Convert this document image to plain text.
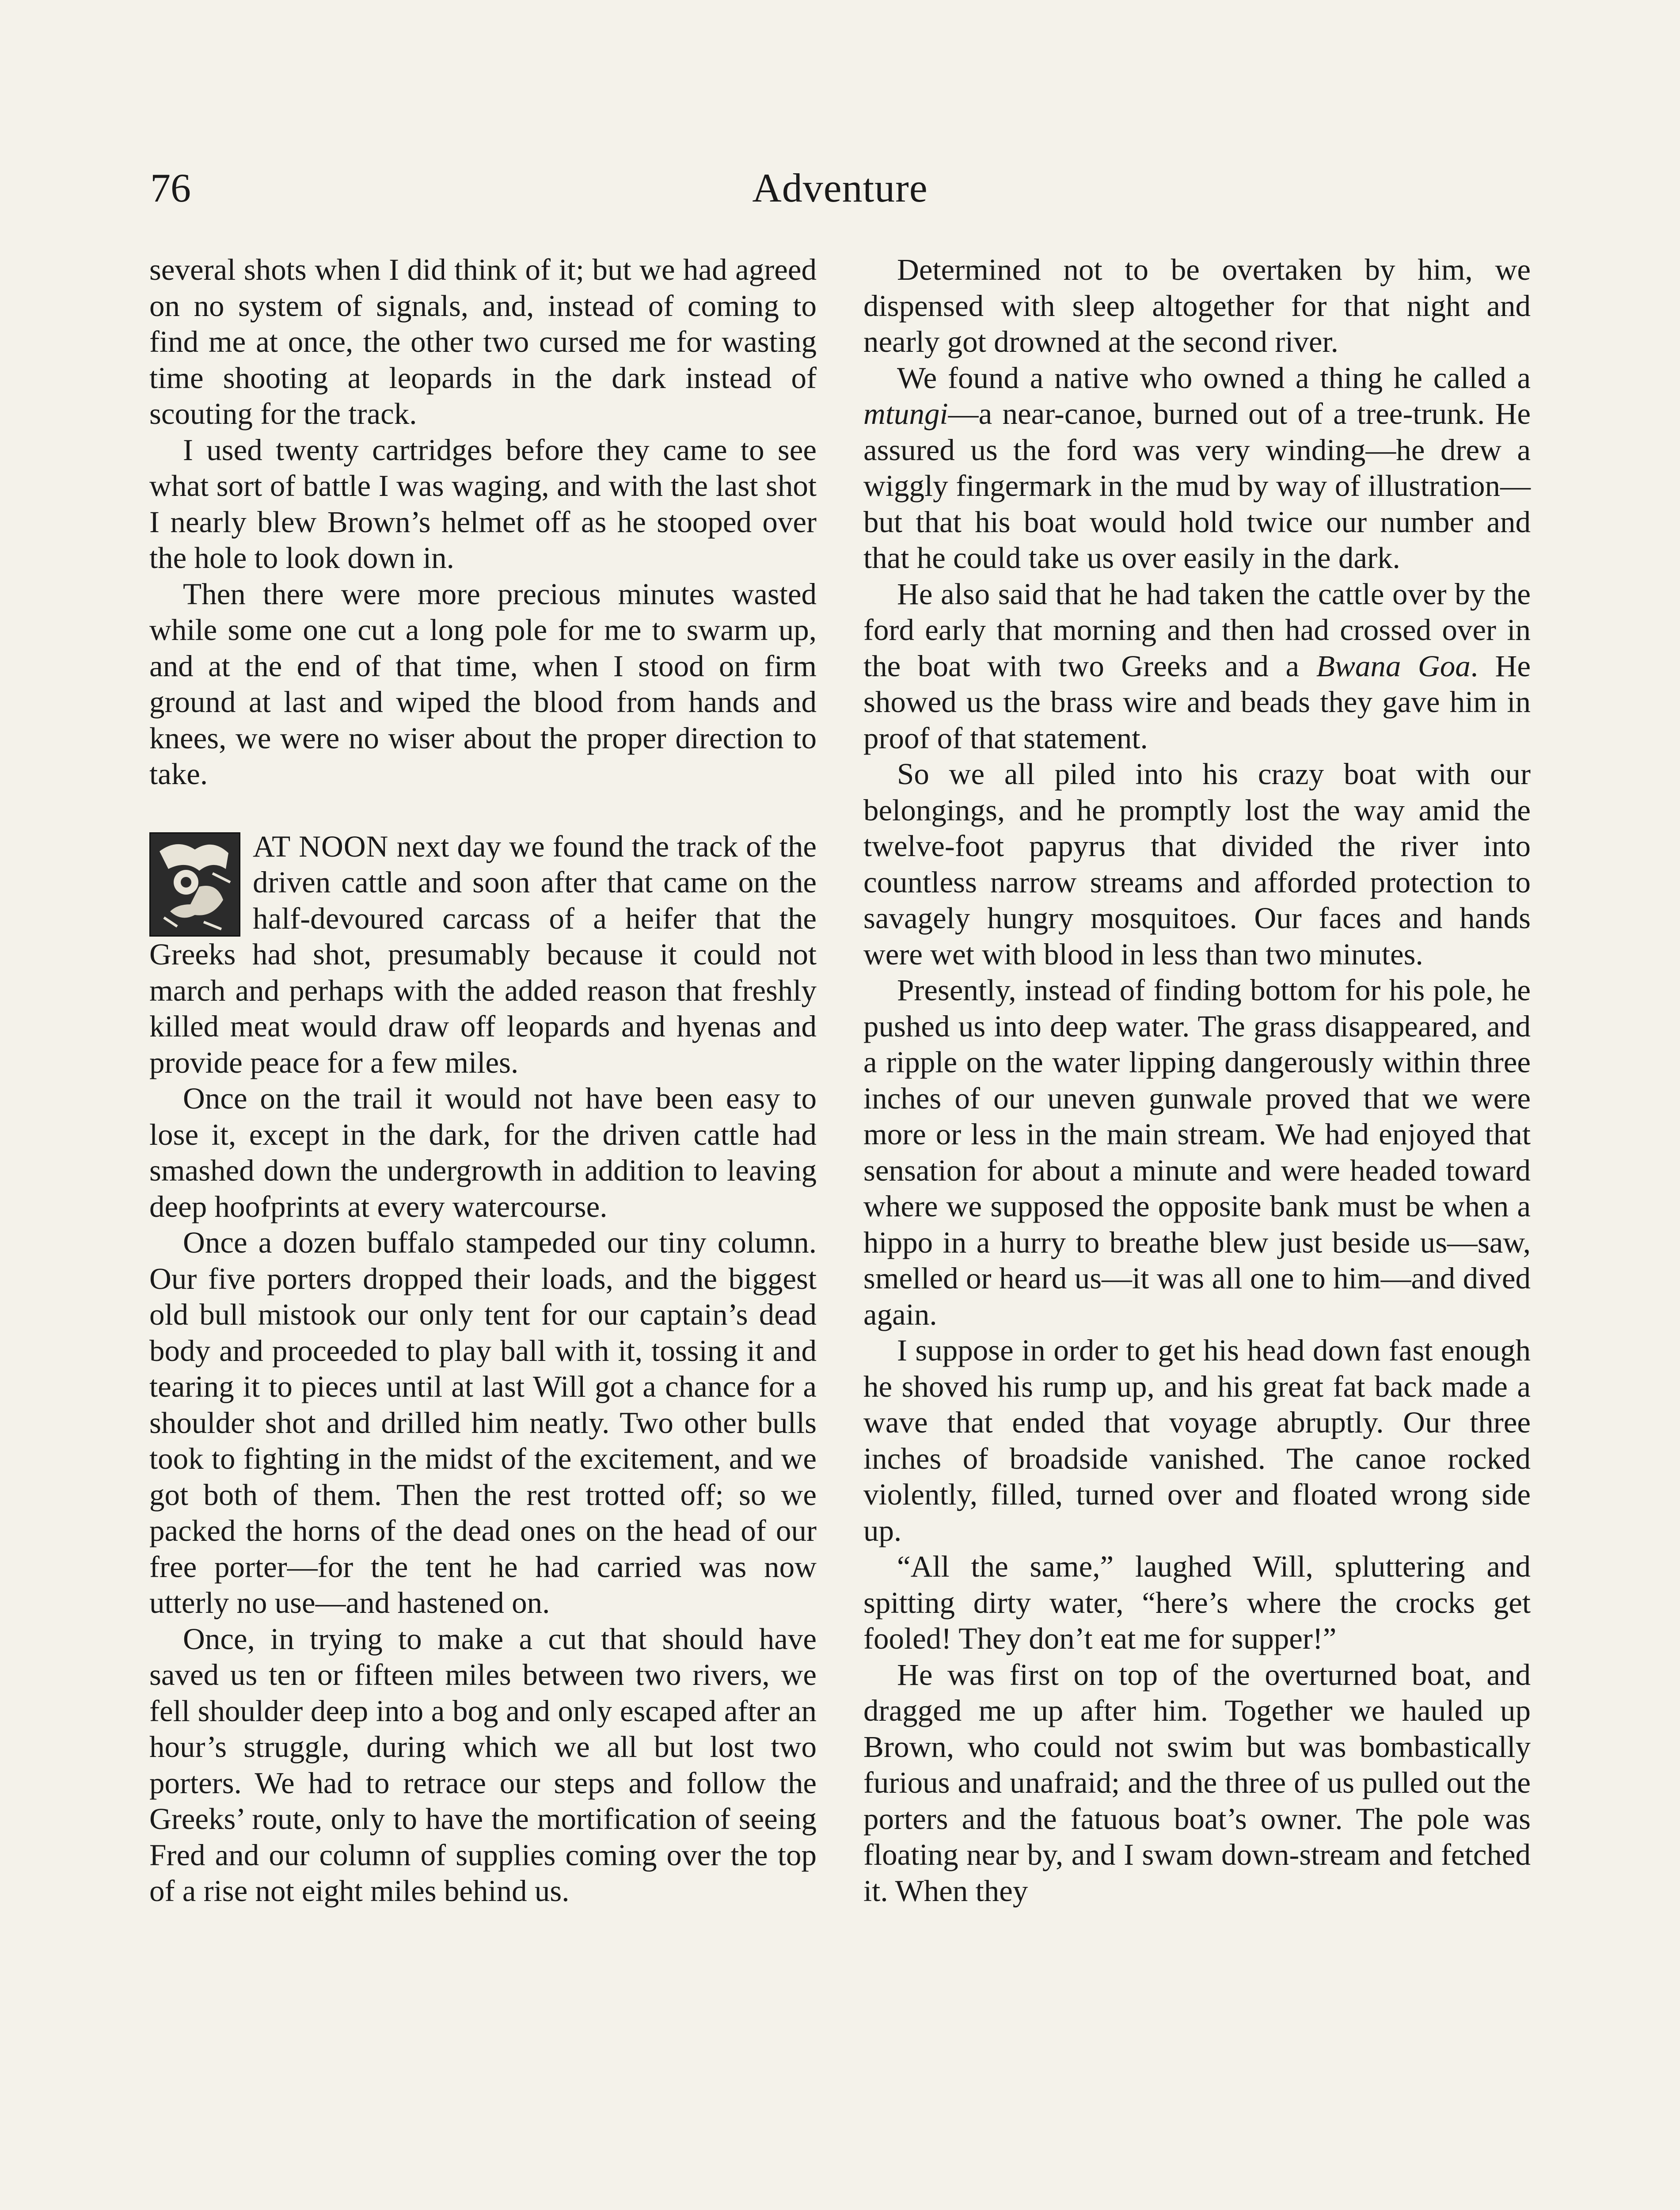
76	Adventure

several shots when I did think of it; but we had agreed on no system of signals, and, instead of coming to find me at once, the other two cursed me for wasting time shooting at leopards in the dark instead of scouting for the track.

I used twenty cartridges before they came to see what sort of battle I was waging, and with the last shot I nearly blew Brown’s helmet off as he stooped over the hole to look down in.

Then there were more precious minutes wasted while some one cut a long pole for me to swarm up, and at the end of that time, when I stood on firm ground at last and wiped the blood from hands and knees, we were no wiser about the proper direction to take.

AT NOON next day we found the track of the driven cattle and soon after that came on the half-devoured carcass of a heifer that the Greeks had shot, presumably because it could not march and perhaps with the added reason that freshly killed meat would draw off leopards and hyenas and provide peace for a few miles.

Once on the trail it would not have been easy to lose it, except in the dark, for the driven cattle had smashed down the undergrowth in addition to leaving deep hoofprints at every watercourse.

Once a dozen buffalo stampeded our tiny column. Our five porters dropped their loads, and the biggest old bull mistook our only tent for our captain’s dead body and proceeded to play ball with it, tossing it and tearing it to pieces until at last Will got a chance for a shoulder shot and drilled him neatly. Two other bulls took to fighting in the midst of the excitement, and we got both of them. Then the rest trotted off; so we packed the horns of the dead ones on the head of our free porter—for the tent he had carried was now utterly no use—and hastened on.

Once, in trying to make a cut that should have saved us ten or fifteen miles between two rivers, we fell shoulder deep into a bog and only escaped after an hour’s struggle, during which we all but lost two porters. We had to retrace our steps and follow the Greeks’ route, only to have the mortification of seeing Fred and our column of supplies coming over the top of a rise not eight miles behind us.

Determined not to be overtaken by him, we dispensed with sleep altogether for that night and nearly got drowned at the second river.

We found a native who owned a thing he called a mtungi—a near-canoe, burned out of a tree-trunk. He assured us the ford was very winding—he drew a wiggly fingermark in the mud by way of illustration—but that his boat would hold twice our number and that he could take us over easily in the dark.

He also said that he had taken the cattle over by the ford early that morning and then had crossed over in the boat with two Greeks and a Bwana Goa. He showed us the brass wire and beads they gave him in proof of that statement.

So we all piled into his crazy boat with our belongings, and he promptly lost the way amid the twelve-foot papyrus that divided the river into countless narrow streams and afforded protection to savagely hungry mosquitoes. Our faces and hands were wet with blood in less than two minutes.

Presently, instead of finding bottom for his pole, he pushed us into deep water. The grass disappeared, and a ripple on the water lipping dangerously within three inches of our uneven gunwale proved that we were more or less in the main stream. We had enjoyed that sensation for about a minute and were headed toward where we supposed the opposite bank must be when a hippo in a hurry to breathe blew just beside us—saw, smelled or heard us—it was all one to him—and dived again.

I suppose in order to get his head down fast enough he shoved his rump up, and his great fat back made a wave that ended that voyage abruptly. Our three inches of broadside vanished. The canoe rocked violently, filled, turned over and floated wrong side up.

“All the same,” laughed Will, spluttering and spitting dirty water, “here’s where the crocks get fooled! They don’t eat me for supper!”

He was first on top of the overturned boat, and dragged me up after him. Together we hauled up Brown, who could not swim but was bombastically furious and unafraid; and the three of us pulled out the porters and the fatuous boat’s owner. The pole was floating near by, and I swam down-stream and fetched it. When they
